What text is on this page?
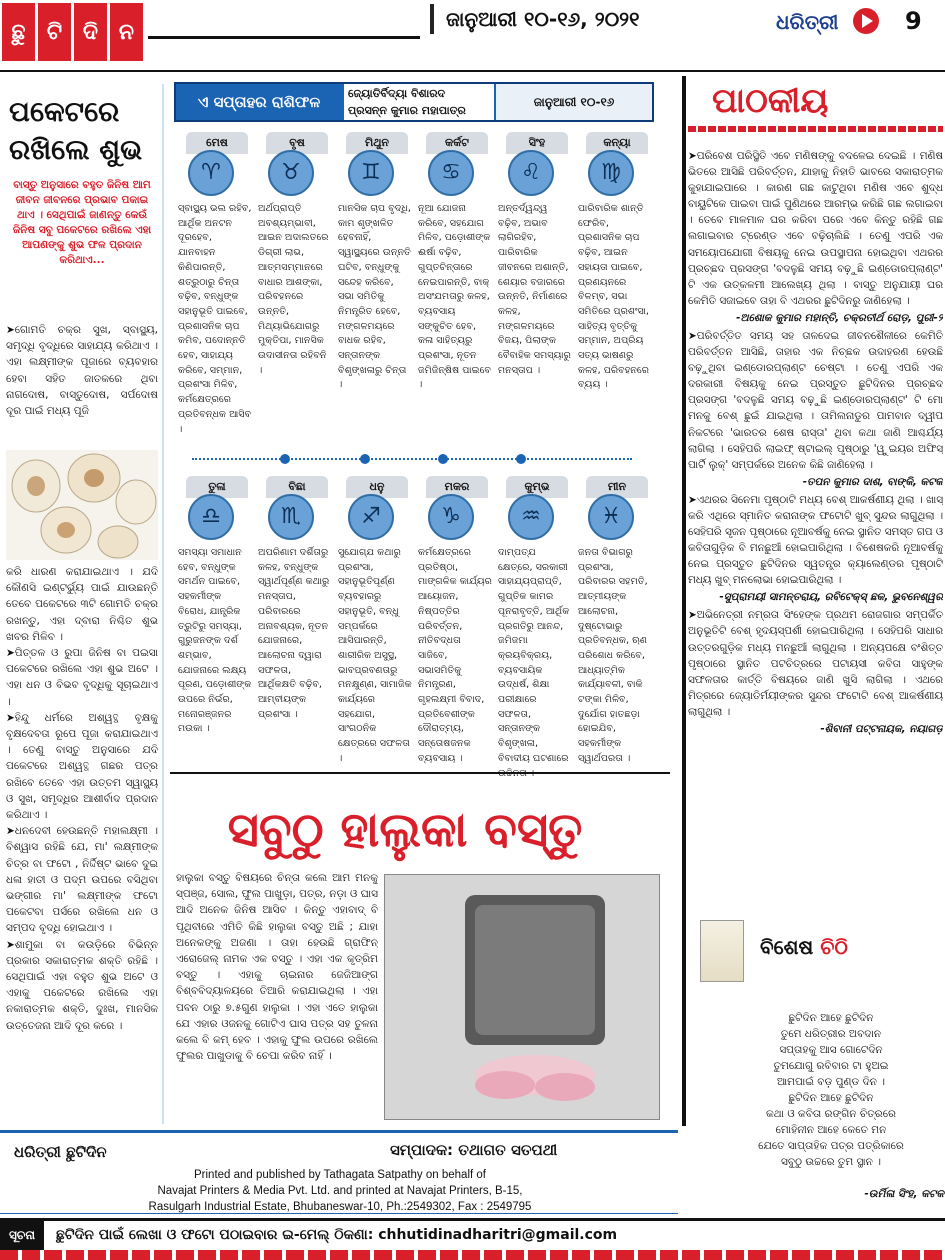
ଛୁ ଟି ଦି ନ
ଜାନୁଆରୀ ୧୦-୧୬, ୨୦୨୧	ଧରିତ୍ରୀ	9
ପକେଟରେ ରଖିଲେ ଶୁଭ
ବାସ୍ତୁ ଅନୁସାରେ ବହୁତ ଜିନିଷ ଆମ ଜୀବନ ଜୀବନରେ ପ୍ରଭାବ ପକାଇ ଥାଏ । ସେଥିପାଇଁ ଜାଣନ୍ତୁ କେଉଁ ଜିନିଷ ସବୁ ପକେଟରେ ରଖିଲେ ଏହା ଆପଣଙ୍କୁ ଶୁଭ ଫଳ ପ୍ରଦାନ କରିଥାଏ...
➤ଗୋମତି ଚକ୍ର ସୁଖ, ସ୍ବାସ୍ଥ୍ୟ, ସମୃଦ୍ଧି ବୃଦ୍ଧିରେ ସାହାଯ୍ୟ କରିଥାଏ । ଏହା ଲକ୍ଷ୍ମୀଙ୍କ ପୂଜାରେ ବ୍ୟବହାର ହେବା ସହିତ ଜାତକରେ ଥିବା ନାଗଦୋଷ, ବାସ୍ତୁଦୋଷ, ସର୍ପଦୋଷ ଦୂର ପାଇଁ ମଧ୍ୟ ପୂଜି
କରି ଧାରଣ କରାଯାଇଥାଏ । ଯଦି କୌଣସି ଇଣ୍ଟର୍ଭ୍ୟୁ ପାଇଁ ଯାଉଛନ୍ତି ତେବେ ପକେଟରେ ୩ଟି ଗୋମତି ଚକ୍ର ରଖନ୍ତୁ, ଏହା ଦ୍ବାରା ନିଶ୍ଚିତ ଶୁଭ ଖବର ମିଳିବ ।
➤ପିତ୍ତଳ ଓ ରୁପା ଜିନିଷ ବା ପଇସା ପକେଟରେ ରଖିଲେ ଏହା ଶୁଭ ଅଟେ । ଏହା ଧନ ଓ ବିଭବ ବୃଦ୍ଧିକୁ ସୂଚାଇଥାଏ ।
➤ହିନ୍ଦୁ ଧର୍ମରେ ଅଶ୍ୱତ୍ଥ ବୃକ୍ଷକୁ ବୃକ୍ଷଦେବତା ରୂପେ ପୂଜା କରାଯାଇଥାଏ । ତେଣୁ ବାସ୍ତୁ ଅନୁସାରେ ଯଦି ପକେଟରେ ଅଶ୍ୱତ୍ଥ ଗଛର ପତ୍ର ରଖିବେ ତେବେ ଏହା ଉତ୍ତମ ସ୍ୱାସ୍ଥ୍ୟ ଓ ସୁଖ, ସମୃଦ୍ଧିର ଆଶୀର୍ବାଦ ପ୍ରଦାନ କରିଥାଏ ।
➤ଧନଦେବୀ ହେଉଛନ୍ତି ମହାଲକ୍ଷ୍ମୀ । ବିଶ୍ୱାସ ରହିଛି ଯେ, ମା' ଲକ୍ଷ୍ମୀଙ୍କ ଚିତ୍ର ବା ଫଟୋ , ନିର୍ଦ୍ଦିଷ୍ଟ ଭାବେ ଦୁଇ ଧଳା ହାତୀ ଓ ପଦ୍ମ ଉପରେ ବସିଥିବା ଭଙ୍ଗୀର ମା' ଲକ୍ଷ୍ମୀଙ୍କ ଫଟୋ ପକେଟବା ପର୍ସରେ ରଖିଲେ ଧନ ଓ ସମ୍ପଦ ବୃଦ୍ଧି ହୋଇଥାଏ ।
➤ଶାମୁକା ବା କଉଡ଼ିରେ ବିଭିନ୍ନ ପ୍ରକାର ସକାରାତ୍ମକ ଶକ୍ତି ରହିଛି । ସେଥିପାଇଁ ଏହା ବହୁତ ଶୁଭ ଅଟେ ଓ ଏହାକୁ ପକେଟରେ ରଖିଲେ ଏହା ନକାରାତ୍ମକ ଶକ୍ତି, ଦୁଃଖ, ମାନସିକ ଉତ୍ତେଜନା ଆଦି ଦୂର କରେ ।
ଏ ସପ୍ତାହର ରାଶିଫଳ	ଜ୍ୟୋତିର୍ବିଦ୍ୟା ବିଶାରଦ
ପ୍ରସନ୍ନ କୁମାର ମହାପାତ୍ର
ଜାନୁଆରୀ ୧୦-୧୬
ମେଷ
♈
ସ୍ବାସ୍ଥ୍ୟ ଭଲ ରହିବ, ଆର୍ଥିକ ଅନଟନ ଦୂରହେବ, ଯାନବାହନ କିଣିପାରନ୍ତି, ଶତ୍ରୁଠାରୁ ଚିନ୍ତା ବଢ଼ିବ, ବନ୍ଧୁଙ୍କ ସହାନୁଭୂତି ପାଇବେ, ପ୍ରଶାସନିକ ଚାପ କମିବ, ପଦୋନ୍ନତି ହେବ, ସାହାଯ୍ୟ କରିବେ, ସମ୍ମାନ, ପ୍ରଶଂସା ମିଳିବ, କର୍ମକ୍ଷେତ୍ରରେ ପ୍ରତିବନ୍ଧକ ଆସିବ ।
ବୃଷ
♉
ଅର୍ଥପ୍ରାପ୍ତି ଅବଶ୍ୟମ୍ଭାବୀ, ଆଇନ ଅଦାଲତରେ ଡିଗ୍ରୀ ଲାଭ, ଆତ୍ମସମ୍ମାନରେ ବାଧାର ଆଶଙ୍କା, ପରିବହନରେ ଉନ୍ନତି, ମିଥ୍ୟାଭିଯୋଗରୁ ମୁକ୍ତିପା, ମାନସିକ ଉଦାସୀନତା ରହିବନି ।
ମିଥୁନ
♊
ମାନସିକ ଚାପ ବୃଦ୍ଧି, କାମ ଶୃଙ୍ଖଳିତ ହେବନାହିଁ, ସ୍ୱାସ୍ଥ୍ୟରେ ଉନ୍ନତି ଘଟିବ, ବନ୍ଧୁଙ୍କୁ ସନ୍ଦେହ କରିବେ, ସଭା ସମିତିକୁ ନିମନ୍ତ୍ରିତ ହେବେ, ମଙ୍ଗଳମୟରେ ବାଧକ ରହିବ, ସନ୍ତାନଙ୍କ ବିଶୃଙ୍ଖଳାରୁ ଚିନ୍ତା ।
କର୍କଟ
♋
ନୂଆ ଯୋଜନା କରିବେ, ସହଯୋଗ ମିଳିବ, ପଡ଼ୋଶୀଙ୍କ ଈର୍ଷା ବଢ଼ିବ, ଗୁପ୍ତଚିନ୍ତାରେ ନେଇପାରନ୍ତି, ବାକ୍ ଅସଂଯମତାରୁ କଳହ, ବ୍ୟବସାୟ ସଙ୍କୁଚିତ ହେବ, କଳା ସାହିତ୍ୟରୁ ପ୍ରଶଂସା, ନୂତନ ଜମିଜିନ୍ଷିଷ ପାଇବେ ।
ସିଂହ
♌
ଅନ୍ତର୍ଦ୍ୱନ୍ଦ୍ୱ ବଢ଼ିବ, ଅଭାବ ଲାଗିରହିବ, ପାରିବାରିକ ଜୀବନରେ ଅଶାନ୍ତି, ଶେୟାର ବଜାରରେ ଉନ୍ନତି, ନିର୍ମାଣରେ କଳହ, ମଙ୍ଗଳମୟରେ ବିଜୟ, ପିଲାଙ୍କ ବୈବାହିକ ସମସ୍ୟାରୁ ମନସ୍ତାପ ।
କନ୍ୟା
♍
ପାରିବାରିକ ଶାନ୍ତି ଫେରିବ, ପ୍ରଶାସନିକ ଚାପ ବଢ଼ିବ, ଆଇନ ସହାୟତା ପାଇବେ, ପ୍ରଣୟନରେ ବିଳମ୍ବ, ସଭା ସମିତିରେ ପ୍ରଶଂସା, ସାହିତ୍ୟ ବୃତ୍ତିକୁ ସମ୍ମାନ, ଅପ୍ରିୟ ସତ୍ୟ ଭାଷଣରୁ କଳହ, ପରିବହନରେ ବ୍ୟୟ ।
ତୁଳା
♎
ସମସ୍ୟା ସମାଧାନ ହେବ, ବନ୍ଧୁଙ୍କ ସମର୍ଥନ ପାଇବେ, ସହକର୍ମୀଙ୍କ ବିରୋଧ, ଯାନ୍ତ୍ରିକ ତ୍ରୁଟିରୁ ସମସ୍ୟା, ଗୁରୁଜନଙ୍କ ଦର୍ଶ ଶମ୍ଭାବ, ଯୋଜନାରେ ଲକ୍ଷ୍ୟ ପୂରଣ, ପଡ଼ୋଶୀଙ୍କ ଉପରେ ନିର୍ଭର, ମନୋରଞ୍ଜନର ମଉକା ।
ବିଛା
♏
ଅପରିଣାମ ଦର୍ଶିତାରୁ କଳହ, ବନ୍ଧୁଙ୍କ ସ୍ୱାର୍ଥପୂର୍ଣ୍ଣ କଥାରୁ ମନସ୍ତାପ, ପରିବାରରେ ଅନାବଶ୍ୟକ, ନୂତନ ଯୋଜନାରେ, ଆଲୋଚନା ଦ୍ୱାରା ସଫଳତା, ଆର୍ଥିକକ୍ଷତି ବଢ଼ିବ, ଆମ୍ବୀୟଙ୍କ ପ୍ରଶଂସା ।
ଧନୁ
♐
ସୁଯୋଗ୍ଯ କଥାରୁ ପ୍ରଶଂସା, ସହାନୁଭୂତିପୂର୍ଣ୍ଣ ବ୍ୟବହାରରୁ ସହାନୁଭୂତି, ବନ୍ଧୁ ସମ୍ପର୍କରେ ଆସିପାରନ୍ତି, ଶାରୀରିକ ଅସୁସ୍ଥ, ଭାବପ୍ରବଣତାରୁ ମନକ୍ଷୁଣ୍ଣ, ସାମାଜିକ କାର୍ଯ୍ୟରେ ସହଯୋଗ, ସାଂଗଠନିକ କ୍ଷେତ୍ରରେ ସଫଳତା ।
ମକର
♑
କର୍ମକ୍ଷେତ୍ରରେ ପ୍ରତିଷ୍ଠା, ମାଙ୍ଗଳିକ କାର୍ଯ୍ୟର ଆୟୋଜନ, ନିଷ୍ପତ୍ତିର ପରିବର୍ତ୍ତନ, ନୀତିବଦ୍ଧତା ସାଜିବେ, ସଭାସମିତିକୁ ନିମନ୍ତ୍ରଣ, ଗୃହଲକ୍ଷ୍ମୀ ବିବାଦ, ପ୍ରତିବେଶୀଙ୍କ ଦୌରାତ୍ମ୍ୟ, ସନ୍ତୋଷଜନକ ବ୍ୟବସାୟ ।
କୁମ୍ଭ
♒
ଦାମ୍ପତ୍ଯ କ୍ଷେତ୍ରେ, ସରକାରୀ ସାହାଯ୍ୟପ୍ରାପ୍ତି, ଗୁପ୍ତିକ କାମର ପୂନରାବୃତ୍ତି, ଆର୍ଥିକ ପ୍ରଗତିରୁ ଆନନ୍ଦ, ଜମିଜମା କ୍ରୟବିକ୍ରୟ, ବ୍ୟବସାୟିକ ଉଦ୍ଧର୍ଷ, ଶିକ୍ଷା ପରୀକ୍ଷାରେ ସଫଳତା, ସନ୍ତାନଙ୍କ ବିଶୃଙ୍ଖଳା, ବିବାଦୀୟ ଘଟଣାରେ
ମୀନ
♓
ଜନତା ବିଭାଗରୁ ପ୍ରଶଂସା, ପରିବାରର ସହମତି, ଆତ୍ମୀୟଙ୍କ ଆଲୋଚନା, ଦୁଷ୍ଟୋଭାରୁ ପ୍ରତିବନ୍ଧକ, ଋଣ ପରିଶୋଧ କରିବେ, ଆଧ୍ୟାତ୍ମିକ କାର୍ଯ୍ୟାବଳୀ, ବାକି ଟଙ୍କା ମିଳିବ, ଦୁର୍ଯୋଗ ହାତଛଡ଼ା ହୋଇଯିବ, ସହକର୍ମୀଙ୍କ ସ୍ୱାର୍ଥପରତା ।
ସବୁଠୁ ହାଲୁକା ବସ୍ତୁ
ହାଲୁକା ବସ୍ତୁ ବିଷୟରେ ଚିନ୍ତା କଲେ ଆମ ମନକୁ ସ୍ପଞ୍ଜ, ସୋଲ, ଫୁଲ ପାଖୁଡ଼ା, ପତ୍ର, ନଡ଼ା ଓ ଘାସ ଆଦି ଅନେକ ଜିନିଷ ଆସିବ । କିନ୍ତୁ ଏହାବାଦ୍ ବି ପୃଥିବୀରେ ଏମିତି କିଛି ହାଲୁକା ବସ୍ତୁ ଅଛି ; ଯାହା ଅନେକଙ୍କୁ ଅଜଣା । ତାହା ହେଉଛି ଗ୍ରାଫିନ୍ ଏରୋଜେଲ୍ ନାମକ ଏକ ବସ୍ତୁ । ଏହା ଏକ କୃତ୍ରିମ ବସ୍ତୁ । ଏହାକୁ ଚାଇନାର ଜେଜିଆଙ୍ଗ ବିଶ୍ବବିଦ୍ୟାଳୟରେ ତିଆରି କରାଯାଇଥିଲା । ଏହା ପବନ ଠାରୁ ୭.୫ଗୁଣ ହାଲୁକା । ଏହା ଏତେ ହାଲୁକା ଯେ ଏହାର ଓଜନକୁ ଗୋଟିଏ ଘାସ ପତ୍ର ସହ ତୁଳନା କଲେ ବି କମ୍ ହେବ । ଏହାକୁ ଫୁଲ ଉପରେ ରଖିଲେ ଫୁଲର ପାଖୁଡାକୁ ବି ଚେପା କରିବ ନାହିଁ ।
ପାଠକୀୟ
➤ପରିବେଶ ପରିସ୍ଥିତି ଏବେ ମଣିଷଙ୍କୁ ବଦଳେଇ ଦେଇଛି । ମଣିଷ ଭିତରେ ଆସିଛି ପରିବର୍ତ୍ତନ, ଯାହାକୁ ନିହାତି ଭାବରେ ସକାରାତ୍ମକ କୁହାଯାଇପାରେ । କାରଣ ଗଛ କାଟୁଥିବା ମଣିଷ ଏବେ ଶୁଦ୍ଧ ବାୟୁଟିକେ ପାଇବା ପାଇଁ ପୁଣିଥରେ ଆରମ୍ଭ କରିଛି ଗଛ ଲଗାଇବା । ତେବେ ମାଳମାଳ ଘର କରିବା ପରେ ଏବେ କିନ୍ତୁ ରହିଛି ଗଛ ଲଗାଇବାର ଟ୍ରେଣ୍ଡ ଏବେ ବଢ଼ିଚାଲିଛି । ତେଣୁ ଏପରି ଏକ ସମୟୋପଯୋଗୀ ବିଷୟକୁ ନେଇ ଉପସ୍ଥାପନା ହୋଇଥିବା ଏଥରର ପ୍ରଚ୍ଛଦ ପ୍ରସଙ୍ଗ 'ବଦଳୁଛି ସମୟ ବଢ଼ୁଛି ଇଣ୍ଡୋରପ୍ଲାଣ୍ଟ' ଟି ଏକ ଉତ୍କଳମୀ ଆଲେଖ୍ୟ ଥିଲା । ବାସ୍ତୁ ଅନୁଯାୟୀ ଘର କେମିତି ସଜାଇବେ ତାହା ବି ଏଥରର ଛୁଟିଦିନରୁ ଜାଣିହେଲା ।
-ଅଶୋକ କୁମାର ମହାନ୍ତି, ଚକ୍ରତୀର୍ଥ ରୋଡ଼, ପୁରୀ-୨
➤ପରିବର୍ତ୍ତିତ ସମୟ ସହ ତାଳଦେଇ ଜୀବନଶୈଳୀରେ କେମିତି ପରିବର୍ତ୍ତନ ଆସିଛି, ତାହାର ଏକ ନିଚ୍ଛକ ଉଦାହରଣ ହେଉଛି ବଢ଼ୁଥିବା ଇଣ୍ଡୋରପ୍ଲାଣ୍ଟ ଚେଷ୍ଟା । ତେଣୁ ଏପରି ଏକ ଦରକାରୀ ବିଷୟକୁ ନେଇ ପ୍ରସ୍ତୁତ ଛୁଟିଦିନର ପ୍ରଚ୍ଛଦ ପ୍ରସଙ୍ଗ 'ବଦଳୁଛି ସମୟ ବଢ଼ୁଛି ଇଣ୍ଡୋରପ୍ଲାଣ୍ଟ' ଟି ମୋ ମନକୁ ବେଶ୍ ଛୁଇଁ ଯାଇଥିଲା । ତାମିଲନାଡୁର ପାମବାନ ଦ୍ୱୀପ ନିକଟରେ 'ଭାରତର ଶେଷ ରାସ୍ତା' ଥିବା କଥା ଜାଣି ଆଶ୍ଚର୍ଯ୍ୟ ଲାଗିଲା । ସେହିପରି ଲାଇଫ୍ ଷ୍ଟାଇଲ୍ ପୃଷ୍ଠାରୁ 'ୱୁ ଇୟର ଅଫିସ୍ ପାର୍ଟି ଲୁକ୍' ସମ୍ପର୍କରେ ଅନେକ କିଛି ଜାଣିହେଲା ।
-ତପନ କୁମାର ଦାଶ, ବାଙ୍କି, କଟକ
➤ଏଥରର ସିନେମା ପୃଷ୍ଠାଟି ମଧ୍ୟ ବେଶ୍ ଆକର୍ଷଣୀୟ ଥିଲା । ଖାସ୍ କରି ଏଥିରେ ସ୍ମାନିତ କରାନାଙ୍କ ଫଟୋଟି ଖୁବ୍ ସୁନ୍ଦର ଲାଗୁଥିଲା । ସେହିପରି ସୃଜନ ପୃଷ୍ଠାରେ ନୂଆବର୍ଷକୁ ନେଇ ସ୍ଥାନିତ ସମସ୍ତ ଗପ ଓ କବିତାଗୁଡ଼ିକ ବି ମନଛୁଆଁ ହୋଇପାରିଥିଲା । ବିଶେଷକରି ନୂଆବର୍ଷକୁ ନେଇ ପ୍ରସ୍ତୁତ ଛୁଟିଦିନର ସ୍ୱତନ୍ତ୍ର କ୍ୟାଲେଣ୍ଡର ପୃଷ୍ଠାଟି ମଧ୍ୟ ଖୁବ୍ ମନଲୋଭା ହୋଇପାରିଥିଲା ।
-ସୁପ୍ରାମୟୀ ସାମନ୍ତରାୟ, ରବିଟେକ୍ସ୍ ଛକ, ଭୁବନେଶ୍ୱର
➤ଅଭିନେତ୍ରୀ ନମ୍ରତା ସିଂହେଙ୍କ ପ୍ରଥମ ରୋଜଗାର ସମ୍ପର୍କିତ ଅନୁଭୂତିଟି ବେଶ୍ ହୃଦୟସ୍ପର୍ଶୀ ହୋଇପାରିଥିଲା । ସେହିପରି ସାଧାର ଉତ୍ତରଗୁଡ଼ିକ ମଧ୍ୟ ମନଛୁଆଁ ଲାଗୁଥିଲା । ଅନ୍ୟପକ୍ଷେ ବଂଶିତ୍ତ ପୃଷ୍ଠାରେ ସ୍ଥାନିତ ପଟଚିତ୍ରରେ ପଟାୟସୀ କବିତା ସାହୁଙ୍କ ସଫଳତାର କାର୍ତ୍ତି ବିଷୟରେ ଜାଣି ଖୁସି ଲାଗିଲା । ଏଥରେ ମିତ୍ରରେ ଜ୍ୟୋତିର୍ମୟୀଙ୍କର ସୁନ୍ଦର ଫଟୋଟି ବେଶ୍ ଆକର୍ଷଣୀୟ ଲାଗୁଥିଲା ।
-ଶିବାନୀ ପଟ୍ଟନାୟକ, ନୟାଗଡ଼
ବିଶେଷ ଚିଠି

ଛୁଟିଦିନ ଆହେ ଛୁଟିଦିନ
ତୁମେ ଧରିତ୍ରୀର ଅବଦାନ
ସପ୍ତାହକୁ ଆସ ଗୋଟେଦିନ
ତୁମଯୋଗୁ ରବିବାର ଟା ହୁଅଇ
ଆମପାଇଁ ବଡ଼ ପୁଣ୍ଡ ଦିନ ।
ଛୁଟିଦିନ ଆହେ ଛୁଟିଦିନ
କଥା ଓ କବିତା ରଙ୍ଗିନ ଚିତ୍ରରେ
ମୋହିନୀନ ଆହେ କେତେ ମନ
ଯେତେ ସାପ୍ତାହିକ ପତ୍ର ପତ୍ରିକାରେ
ସବୁଠୁ ଉଚ୍ଚରେ ତୁମ ସ୍ଥାନ ।

-ଉର୍ମିଳା ସିଂହ, କଟକ

ଧରିତ୍ରୀ ଛୁଟିଦିନ	ସମ୍ପାଦକ: ତଥାଗତ ସତପଥୀ
Printed and published by Tathagata Satpathy on behalf of
Navajat Printers & Media Pvt. Ltd. and printed at Navajat Printers, B-15,
Rasulgarh Industrial Estate, Bhubaneswar-10, Ph.:2549302, Fax : 2549795
ସୂଚନା	ଛୁଟିଦିନ ପାଇଁ ଲେଖା ଓ ଫଟୋ ପଠାଇବାର ଇ-ମେଲ୍ ଠିକଣା: chhutidinadharitri@gmail.com
